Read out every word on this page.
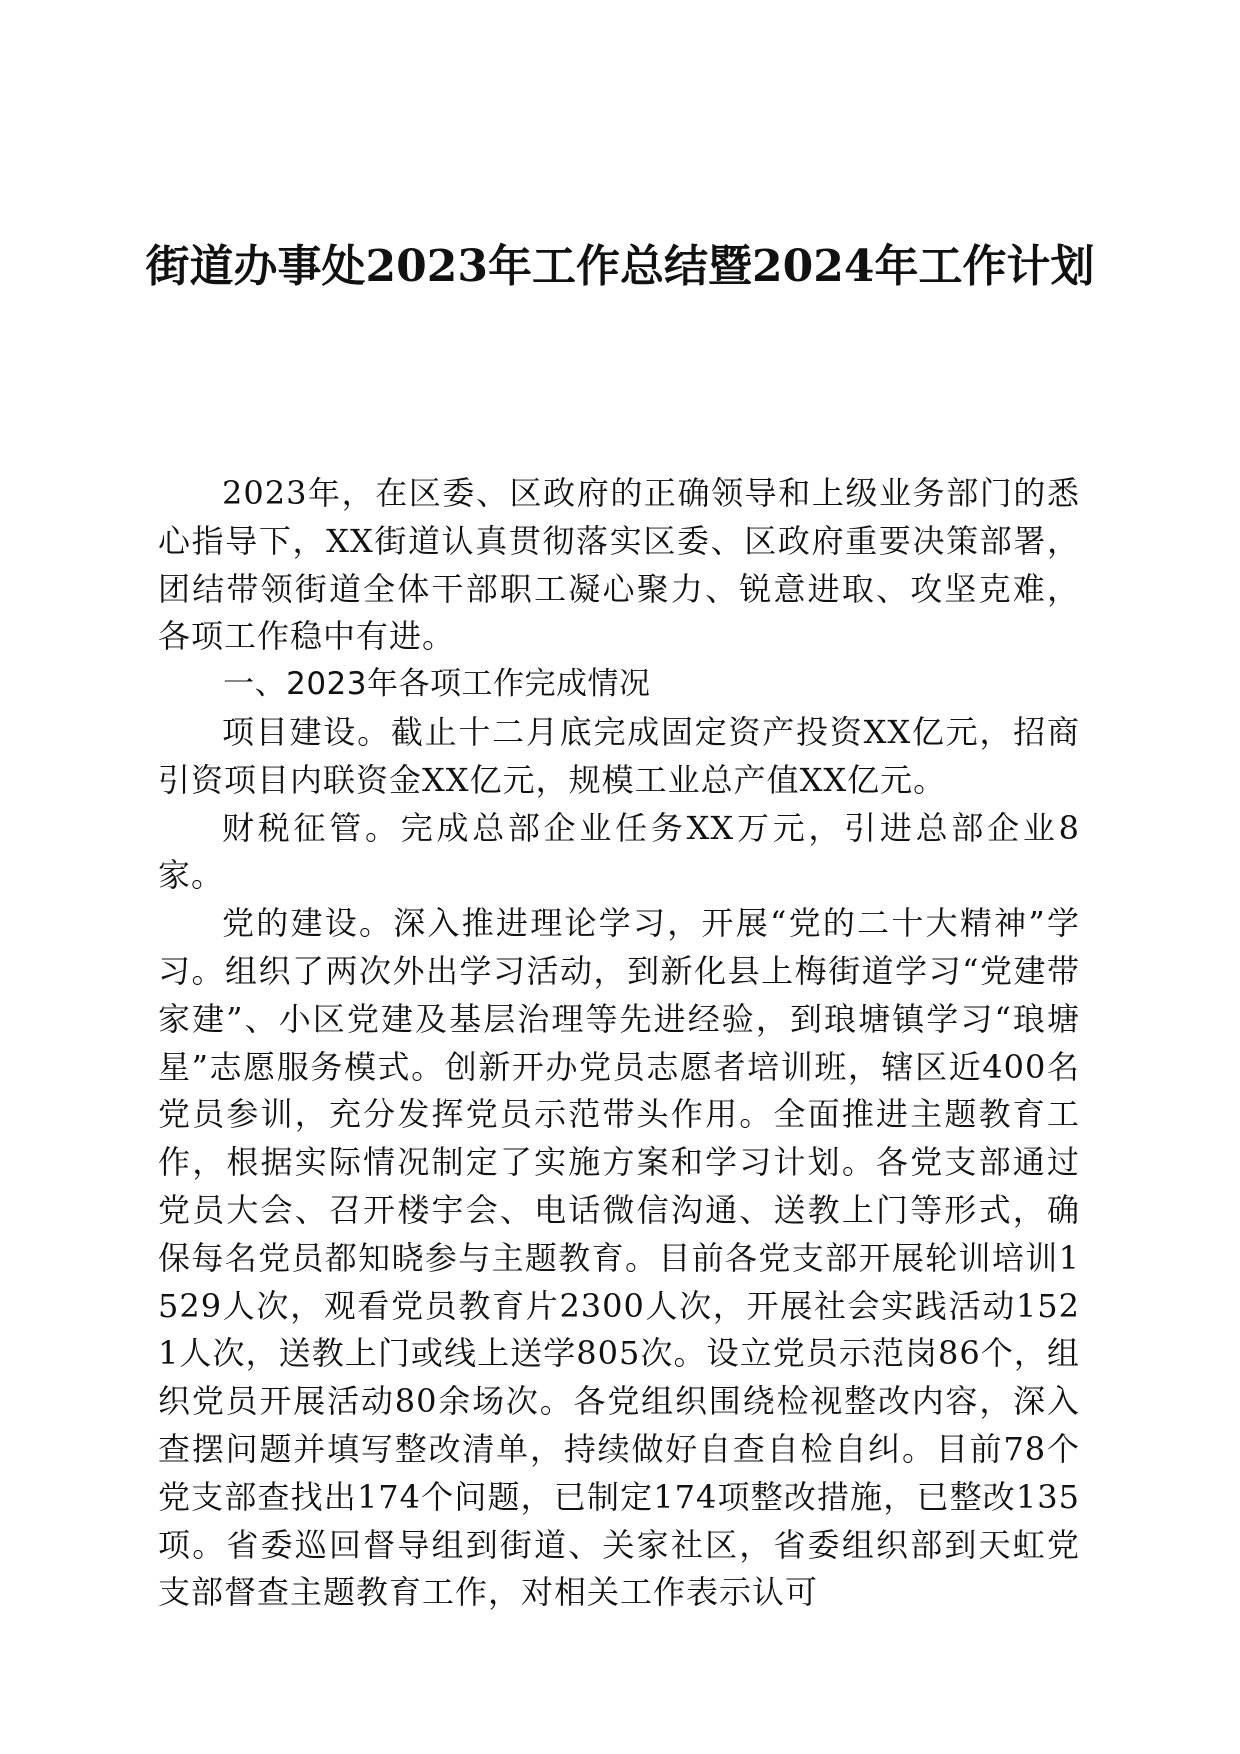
街道办事处2023年工作总结暨2024年工作计划

2023年，在区委、区政府的正确领导和上级业务部门的悉心指导下，XX街道认真贯彻落实区委、区政府重要决策部署，团结带领街道全体干部职工凝心聚力、锐意进取、攻坚克难，各项工作稳中有进。

一、2023年各项工作完成情况

项目建设。截止十二月底完成固定资产投资XX亿元，招商引资项目内联资金XX亿元，规模工业总产值XX亿元。

财税征管。完成总部企业任务XX万元，引进总部企业8家。

党的建设。深入推进理论学习，开展“党的二十大精神”学习。组织了两次外出学习活动，到新化县上梅街道学习“党建带家建”、小区党建及基层治理等先进经验，到琅塘镇学习“琅塘星”志愿服务模式。创新开办党员志愿者培训班，辖区近400名党员参训，充分发挥党员示范带头作用。全面推进主题教育工作，根据实际情况制定了实施方案和学习计划。各党支部通过党员大会、召开楼宇会、电话微信沟通、送教上门等形式，确保每名党员都知晓参与主题教育。目前各党支部开展轮训培训1529人次，观看党员教育片2300人次，开展社会实践活动1521人次，送教上门或线上送学805次。设立党员示范岗86个，组织党员开展活动80余场次。各党组织围绕检视整改内容，深入查摆问题并填写整改清单，持续做好自查自检自纠。目前78个党支部查找出174个问题，已制定174项整改措施，已整改135项。省委巡回督导组到街道、关家社区，省委组织部到天虹党支部督查主题教育工作，对相关工作表示认可
